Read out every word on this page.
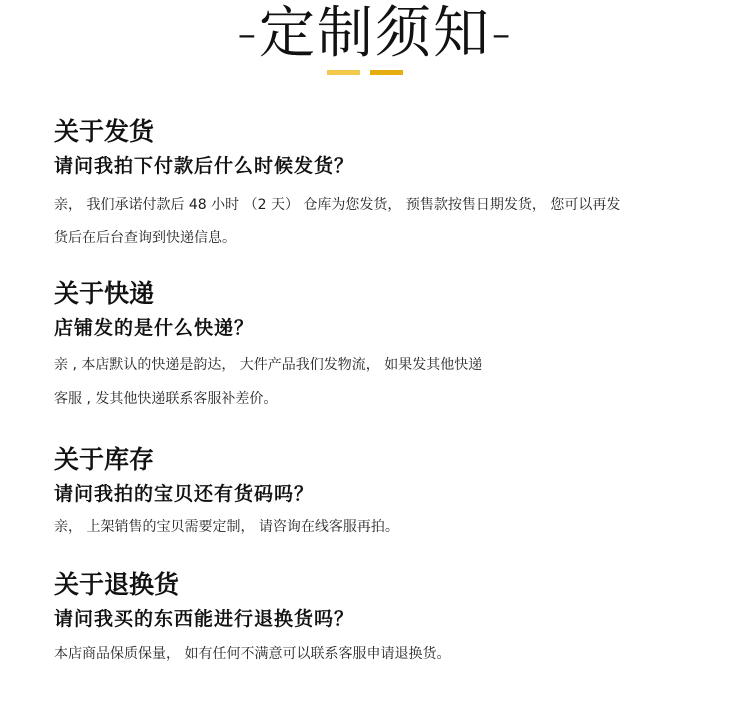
-定制须知-
关于发货
请问我拍下付款后什么时候发货？
亲， 我们承诺付款后 48 小时 （2 天） 仓库为您发货， 预售款按售日期发货， 您可以再发
货后在后台查询到快递信息。
关于快递
店铺发的是什么快递？
亲 , 本店默认的快递是韵达， 大件产品我们发物流， 如果发其他快递
客服 , 发其他快递联系客服补差价。
关于库存
请问我拍的宝贝还有货码吗？
亲， 上架销售的宝贝需要定制， 请咨询在线客服再拍。
关于退换货
请问我买的东西能进行退换货吗？
本店商品保质保量， 如有任何不满意可以联系客服申请退换货。
